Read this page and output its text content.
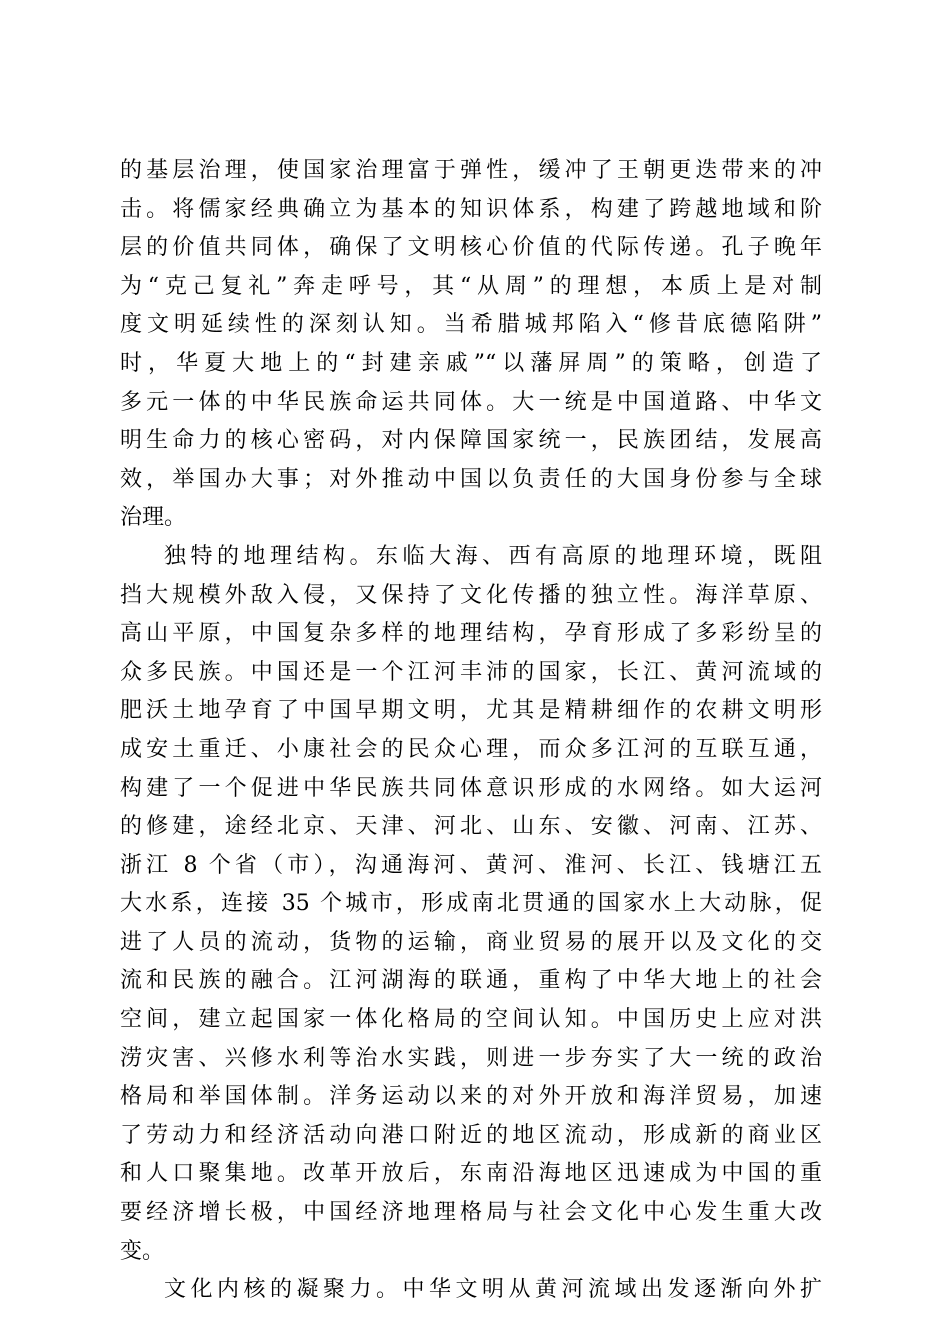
的基层治理，使国家治理富于弹性，缓冲了王朝更迭带来的冲
击。将儒家经典确立为基本的知识体系，构建了跨越地域和阶
层的价值共同体，确保了文明核心价值的代际传递。孔子晚年
为“克己复礼”奔走呼号，其“从周”的理想，本质上是对制
度文明延续性的深刻认知。当希腊城邦陷入“修昔底德陷阱”
时，华夏大地上的“封建亲戚”“以藩屏周”的策略，创造了
多元一体的中华民族命运共同体。大一统是中国道路、中华文
明生命力的核心密码，对内保障国家统一，民族团结，发展高
效，举国办大事；对外推动中国以负责任的大国身份参与全球
治理。
独特的地理结构。东临大海、西有高原的地理环境，既阻
挡大规模外敌入侵，又保持了文化传播的独立性。海洋草原、
高山平原，中国复杂多样的地理结构，孕育形成了多彩纷呈的
众多民族。中国还是一个江河丰沛的国家，长江、黄河流域的
肥沃土地孕育了中国早期文明，尤其是精耕细作的农耕文明形
成安土重迁、小康社会的民众心理，而众多江河的互联互通，
构建了一个促进中华民族共同体意识形成的水网络。如大运河
的修建，途经北京、天津、河北、山东、安徽、河南、江苏、
浙江 8 个省（市），沟通海河、黄河、淮河、长江、钱塘江五
大水系，连接 35 个城市，形成南北贯通的国家水上大动脉，促
进了人员的流动，货物的运输，商业贸易的展开以及文化的交
流和民族的融合。江河湖海的联通，重构了中华大地上的社会
空间，建立起国家一体化格局的空间认知。中国历史上应对洪
涝灾害、兴修水利等治水实践，则进一步夯实了大一统的政治
格局和举国体制。洋务运动以来的对外开放和海洋贸易，加速
了劳动力和经济活动向港口附近的地区流动，形成新的商业区
和人口聚集地。改革开放后，东南沿海地区迅速成为中国的重
要经济增长极，中国经济地理格局与社会文化中心发生重大改
变。
文化内核的凝聚力。中华文明从黄河流域出发逐渐向外扩
